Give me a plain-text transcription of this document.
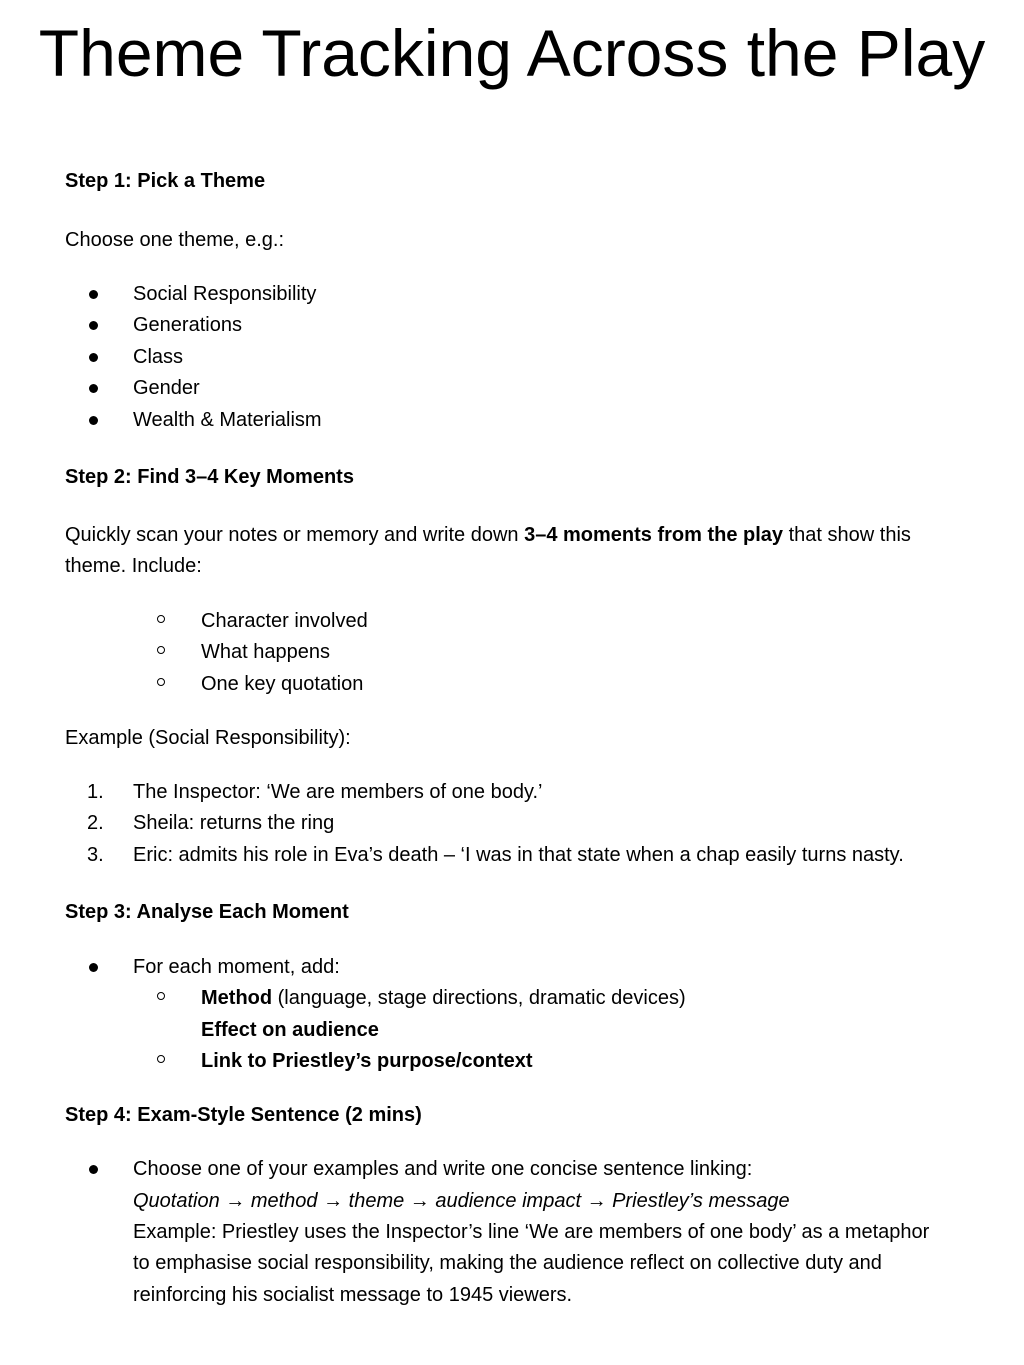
Theme Tracking Across the Play
Step 1: Pick a Theme
Choose one theme, e.g.:
Social Responsibility
Generations
Class
Gender
Wealth & Materialism
Step 2: Find 3–4 Key Moments
Quickly scan your notes or memory and write down 3–4 moments from the play that show this
theme. Include:
Character involved
What happens
One key quotation
Example (Social Responsibility):
1. The Inspector: ‘We are members of one body.’
2. Sheila: returns the ring
3. Eric: admits his role in Eva’s death – ‘I was in that state when a chap easily turns nasty.
Step 3: Analyse Each Moment
For each moment, add:
Method (language, stage directions, dramatic devices)
Effect on audience
Link to Priestley’s purpose/context
Step 4: Exam-Style Sentence (2 mins)
Choose one of your examples and write one concise sentence linking:
Quotation → method → theme → audience impact → Priestley’s message
Example: Priestley uses the Inspector’s line ‘We are members of one body’ as a metaphor
to emphasise social responsibility, making the audience reflect on collective duty and
reinforcing his socialist message to 1945 viewers.
